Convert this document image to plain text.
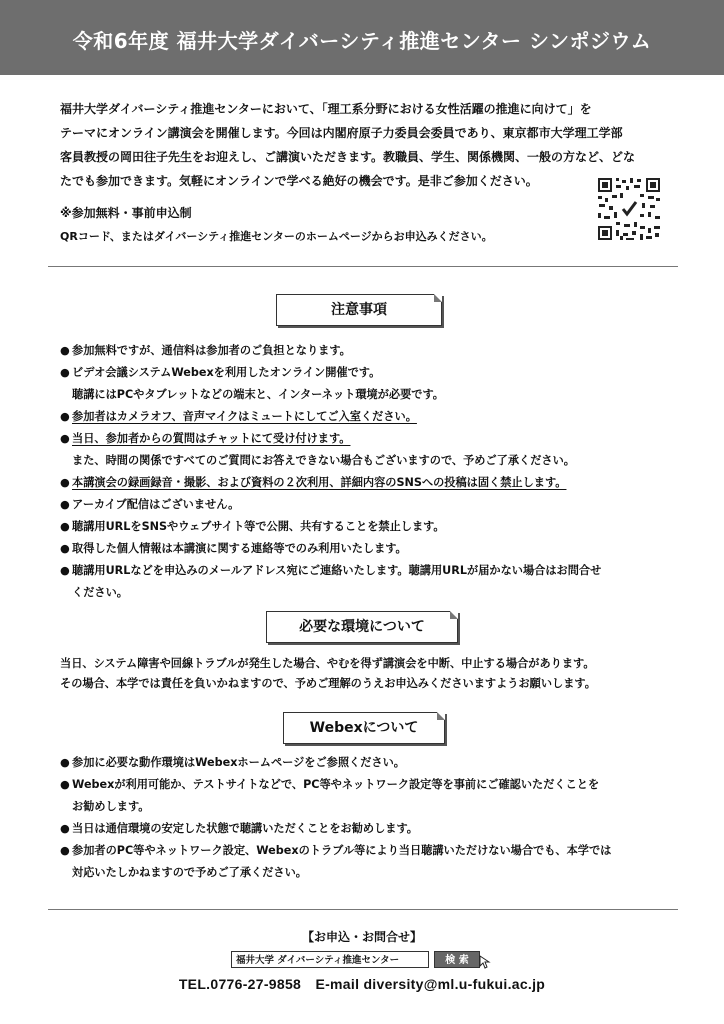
令和6年度 福井大学ダイバーシティ推進センター シンポジウム

福井大学ダイバーシティ推進センターにおいて、「理工系分野における女性活躍の推進に向けて」を

テーマにオンライン講演会を開催します。今回は内閣府原子力委員会委員であり、東京都市大学理工学部

客員教授の岡田往子先生をお迎えし、ご講演いただきます。教職員、学生、関係機関、一般の方など、どな

たでも参加できます。気軽にオンラインで学べる絶好の機会です。是非ご参加ください。

※参加無料・事前申込制
QRコード、またはダイバーシティ推進センターのホームページからお申込みください。
注意事項
● 参加無料ですが、通信料は参加者のご負担となります。
● ビデオ会議システムWebexを利用したオンライン開催です。
聴講にはPCやタブレットなどの端末と、インターネット環境が必要です。
● 参加者はカメラオフ、音声マイクはミュートにしてご入室ください。
● 当日、参加者からの質問はチャットにて受け付けます。
また、時間の関係ですべてのご質問にお答えできない場合もございますので、予めご了承ください。
● 本講演会の録画録音・撮影、および資料の２次利用、詳細内容のSNSへの投稿は固く禁止します。
● アーカイブ配信はございません。
● 聴講用URLをSNSやウェブサイト等で公開、共有することを禁止します。
● 取得した個人情報は本講演に関する連絡等でのみ利用いたします。
● 聴講用URLなどを申込みのメールアドレス宛にご連絡いたします。聴講用URLが届かない場合はお問合せ
ください。
必要な環境について

当日、システム障害や回線トラブルが発生した場合、やむを得ず講演会を中断、中止する場合があります。

その場合、本学では責任を負いかねますので、予めご理解のうえお申込みくださいますようお願いします。

Webexについて
● 参加に必要な動作環境はWebexホームページをご参照ください。
● Webexが利用可能か、テストサイトなどで、PC等やネットワーク設定等を事前にご確認いただくことを
お勧めします。
● 当日は通信環境の安定した状態で聴講いただくことをお勧めします。
● 参加者のPC等やネットワーク設定、Webexのトラブル等により当日聴講いただけない場合でも、本学では
対応いたしかねますので予めご了承ください。
【お申込・お問合せ】
福井大学 ダイバーシティ推進センター	検 索
TEL.0776-27-9858　E-mail diversity@ml.u-fukui.ac.jp
